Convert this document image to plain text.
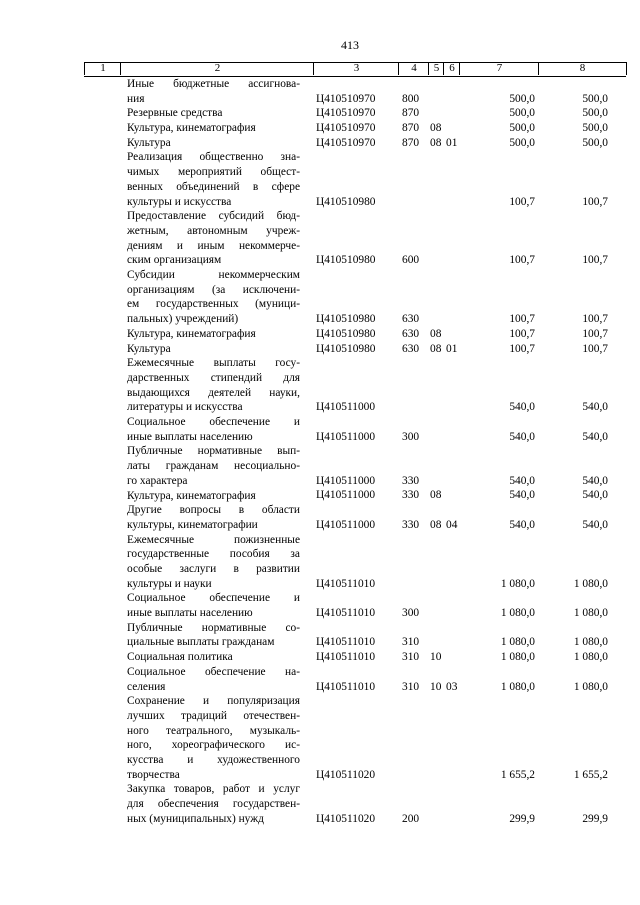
413
1	2	3	4	5 6	7	8
Иные бюджетные ассигнова-
ния	Ц410510970 800	500,0	500,0
Резервные средства	Ц410510970 870	500,0	500,0
Культура, кинематография	Ц410510970 870 08	500,0	500,0
Культура	Ц410510970 870 08 01	500,0	500,0
Реализация общественно зна-
чимых мероприятий общест-
венных объединений в сфере
культуры и искусства	Ц410510980	100,7	100,7
Предоставление субсидий бюд-
жетным, автономным учреж-
дениям и иным некоммерче-
ским организациям	Ц410510980 600	100,7	100,7
Субсидии некоммерческим
организациям (за исключени-
ем государственных (муници-
пальных) учреждений)	Ц410510980 630	100,7	100,7
Культура, кинематография	Ц410510980 630 08	100,7	100,7
Культура	Ц410510980 630 08 01	100,7	100,7
Ежемесячные выплаты госу-
дарственных стипендий для
выдающихся деятелей науки,
литературы и искусства	Ц410511000	540,0	540,0
Социальное обеспечение и
иные выплаты населению	Ц410511000 300	540,0	540,0
Публичные нормативные вып-
латы гражданам несоциально-
го характера	Ц410511000 330	540,0	540,0
Культура, кинематография	Ц410511000 330 08	540,0	540,0
Другие вопросы в области
культуры, кинематографии	Ц410511000 330 08 04	540,0	540,0
Ежемесячные пожизненные
государственные пособия за
особые заслуги в развитии
культуры и науки	Ц410511010	1 080,0	1 080,0
Социальное обеспечение и
иные выплаты населению	Ц410511010 300	1 080,0	1 080,0
Публичные нормативные со-
циальные выплаты гражданам	Ц410511010 310	1 080,0	1 080,0
Социальная политика	Ц410511010 310 10	1 080,0	1 080,0
Социальное обеспечение на-
селения	Ц410511010 310 10 03	1 080,0	1 080,0
Сохранение и популяризация
лучших традиций отечествен-
ного театрального, музыкаль-
ного, хореографического ис-
кусства и художественного
творчества	Ц410511020	1 655,2	1 655,2
Закупка товаров, работ и услуг
для обеспечения государствен-
ных (муниципальных) нужд	Ц410511020 200	299,9	299,9
